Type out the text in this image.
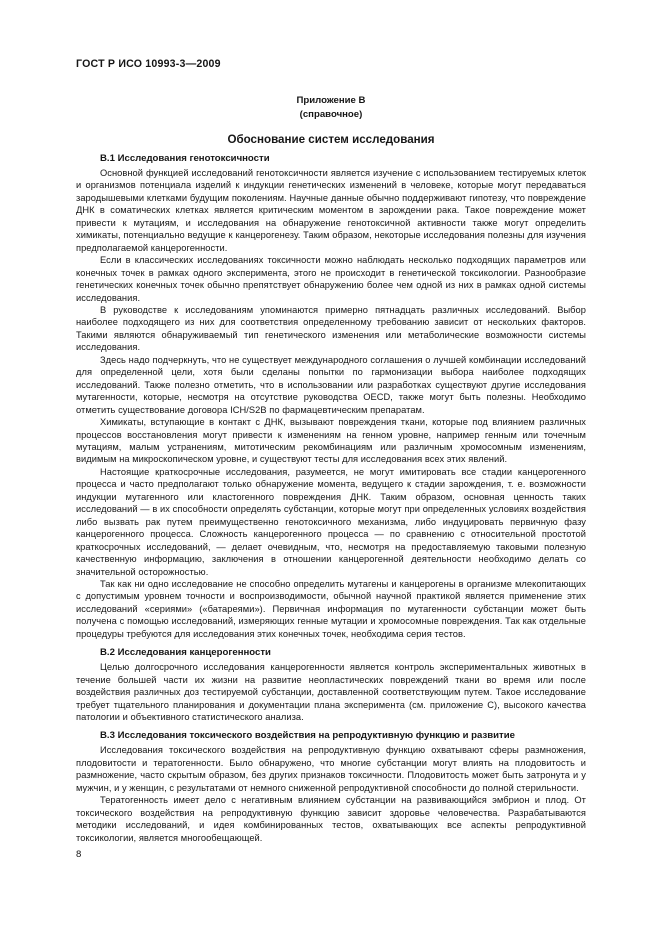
ГОСТ Р ИСО 10993-3—2009
Приложение В
(справочное)
Обоснование систем исследования
В.1 Исследования генотоксичности

Основной функцией исследований генотоксичности является изучение с использованием тестируемых клеток и организмов потенциала изделий к индукции генетических изменений в человеке, которые могут передаваться зародышевыми клетками будущим поколениям. Научные данные обычно поддерживают гипотезу, что повреждение ДНК в соматических клетках является критическим моментом в зарождении рака. Такое повреждение может привести к мутациям, и исследования на обнаружение генотоксичной активности также могут определить химикаты, потенциально ведущие к канцерогенезу. Таким образом, некоторые исследования полезны для изучения предполагаемой канцерогенности.

Если в классических исследованиях токсичности можно наблюдать несколько подходящих параметров или конечных точек в рамках одного эксперимента, этого не происходит в генетической токсикологии. Разнообразие генетических конечных точек обычно препятствует обнаружению более чем одной из них в рамках одной системы исследования.

В руководстве к исследованиям упоминаются примерно пятнадцать различных исследований. Выбор наиболее подходящего из них для соответствия определенному требованию зависит от нескольких факторов. Такими являются обнаруживаемый тип генетического изменения или метаболические возможности системы исследования.

Здесь надо подчеркнуть, что не существует международного соглашения о лучшей комбинации исследований для определенной цели, хотя были сделаны попытки по гармонизации выбора наиболее подходящих исследований. Также полезно отметить, что в использовании или разработках существуют другие исследования мутагенности, которые, несмотря на отсутствие руководства OECD, также могут быть полезны. Необходимо отметить существование договора ICH/S2B по фармацевтическим препаратам.

Химикаты, вступающие в контакт с ДНК, вызывают повреждения ткани, которые под влиянием различных процессов восстановления могут привести к изменениям на генном уровне, например генным или точечным мутациям, малым устранениям, митотическим рекомбинациям или различным хромосомным изменениям, видимым на микроскопическом уровне, и существуют тесты для исследования всех этих явлений.

Настоящие краткосрочные исследования, разумеется, не могут имитировать все стадии канцерогенного процесса и часто предполагают только обнаружение момента, ведущего к стадии зарождения, т. е. возможности индукции мутагенного или кластогенного повреждения ДНК. Таким образом, основная ценность таких исследований — в их способности определять субстанции, которые могут при определенных условиях воздействия либо вызвать рак путем преимущественно генотоксичного механизма, либо индуцировать первичную фазу канцерогенного процесса. Сложность канцерогенного процесса — по сравнению с относительной простотой краткосрочных исследований, — делает очевидным, что, несмотря на предоставляемую таковыми полезную качественную информацию, заключения в отношении канцерогенной деятельности необходимо делать со значительной осторожностью.

Так как ни одно исследование не способно определить мутагены и канцерогены в организме млекопитающих с допустимым уровнем точности и воспроизводимости, обычной научной практикой является применение этих исследований «сериями» («батареями»). Первичная информация по мутагенности субстанции может быть получена с помощью исследований, измеряющих генные мутации и хромосомные повреждения. Так как отдельные процедуры требуются для исследования этих конечных точек, необходима серия тестов.

В.2 Исследования канцерогенности

Целью долгосрочного исследования канцерогенности является контроль экспериментальных животных в течение большей части их жизни на развитие неопластических повреждений ткани во время или после воздействия различных доз тестируемой субстанции, доставленной соответствующим путем. Такое исследование требует тщательного планирования и документации плана эксперимента (см. приложение С), высокого качества патологии и объективного статистического анализа.

В.3 Исследования токсического воздействия на репродуктивную функцию и развитие

Исследования токсического воздействия на репродуктивную функцию охватывают сферы размножения, плодовитости и тератогенности. Было обнаружено, что многие субстанции могут влиять на плодовитость и размножение, часто скрытым образом, без других признаков токсичности. Плодовитость может быть затронута и у мужчин, и у женщин, с результатами от немного сниженной репродуктивной способности до полной стерильности.

Тератогенность имеет дело с негативным влиянием субстанции на развивающийся эмбрион и плод. От токсического воздействия на репродуктивную функцию зависит здоровье человечества. Разрабатываются методики исследований, и идея комбинированных тестов, охватывающих все аспекты репродуктивной токсикологии, является многообещающей.

8
